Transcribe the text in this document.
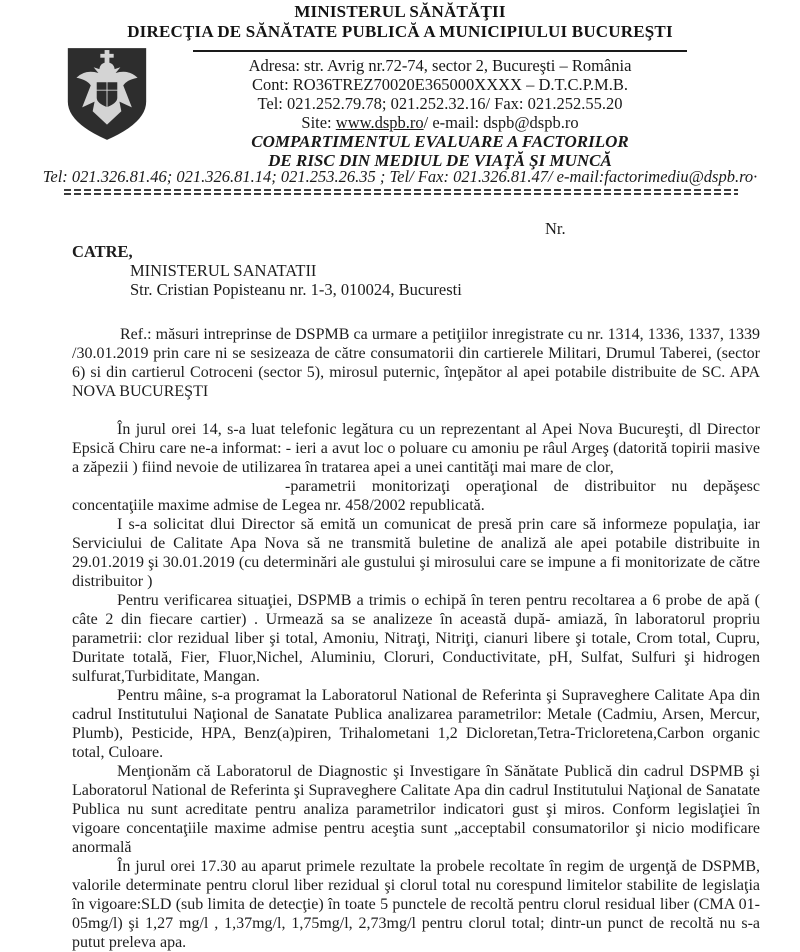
MINISTERUL SĂNĂTĂŢII
DIRECŢIA DE SĂNĂTATE PUBLICĂ A MUNICIPIULUI BUCUREŞTI
Adresa: str. Avrig nr.72-74, sector 2, Bucureşti – România
Cont: RO36TREZ70020E365000XXXX – D.T.C.P.M.B.
Tel: 021.252.79.78; 021.252.32.16/ Fax: 021.252.55.20
Site: www.dspb.ro/ e-mail: dspb@dspb.ro
COMPARTIMENTUL EVALUARE A FACTORILOR
DE RISC DIN MEDIUL DE VIAŢĂ ŞI MUNCĂ
Tel: 021.326.81.46; 021.326.81.14; 021.253.26.35 ; Tel/ Fax: 021.326.81.47/ e-mail:factorimediu@dspb.ro·
Nr.
CATRE,
MINISTERUL SANATATII
Str. Cristian Popisteanu nr. 1-3, 010024, Bucuresti

Ref.: măsuri intreprinse de DSPMB ca urmare a petiţiilor inregistrate cu nr. 1314, 1336, 1337, 1339 /30.01.2019 prin care ni se sesizeaza de către consumatorii din cartierele Militari, Drumul Taberei, (sector 6) si din cartierul Cotroceni (sector 5), mirosul puternic, înţepător al apei potabile distribuite de SC. APA NOVA BUCUREŞTI

În jurul orei 14, s-a luat telefonic legătura cu un reprezentant al Apei Nova Bucureşti, dl Director Epsică Chiru care ne-a informat: - ieri a avut loc o poluare cu amoniu pe râul Argeş (datorită topirii masive a zăpezii ) fiind nevoie de utilizarea în tratarea apei a unei cantităţi mai mare de clor,

-parametrii monitorizaţi operaţional de distribuitor nu depăşesc concentaţiile maxime admise de Legea nr. 458/2002 republicată.

I s-a solicitat dlui Director să emită un comunicat de presă prin care să informeze populaţia, iar Serviciului de Calitate Apa Nova să ne transmită buletine de analiză ale apei potabile distribuite in 29.01.2019 şi 30.01.2019 (cu determinări ale gustului şi mirosului care se impune a fi monitorizate de către distribuitor )

Pentru verificarea situaţiei, DSPMB a trimis o echipă în teren pentru recoltarea a 6 probe de apă ( câte 2 din fiecare cartier) . Urmează sa se analizeze în această după- amiază, în laboratorul propriu parametrii: clor rezidual liber şi total, Amoniu, Nitraţi, Nitriţi, cianuri libere şi totale, Crom total, Cupru, Duritate totală, Fier, Fluor,Nichel, Aluminiu, Cloruri, Conductivitate, pH, Sulfat, Sulfuri şi hidrogen sulfurat,Turbiditate, Mangan.

Pentru mâine, s-a programat la Laboratorul National de Referinta şi Supraveghere Calitate Apa din cadrul Institutului Naţional de Sanatate Publica analizarea parametrilor: Metale (Cadmiu, Arsen, Mercur, Plumb), Pesticide, HPA, Benz(a)piren, Trihalometani 1,2 Dicloretan,Tetra-Tricloretena,Carbon organic total, Culoare.

Menţionăm că Laboratorul de Diagnostic şi Investigare în Sănătate Publică din cadrul DSPMB şi Laboratorul National de Referinta şi Supraveghere Calitate Apa din cadrul Institutului Naţional de Sanatate Publica nu sunt acreditate pentru analiza parametrilor indicatori gust şi miros. Conform legislaţiei în vigoare concentaţiile maxime admise pentru aceştia sunt „acceptabil consumatorilor şi nicio modificare anormală

În jurul orei 17.30 au aparut primele rezultate la probele recoltate în regim de urgenţă de DSPMB, valorile determinate pentru clorul liber rezidual şi clorul total nu corespund limitelor stabilite de legislaţia în vigoare:SLD (sub limita de detecţie) în toate 5 punctele de recoltă pentru clorul residual liber (CMA 01-05mg/l) şi 1,27 mg/l , 1,37mg/l, 1,75mg/l, 2,73mg/l pentru clorul total; dintr-un punct de recoltă nu s-a putut preleva apa.
